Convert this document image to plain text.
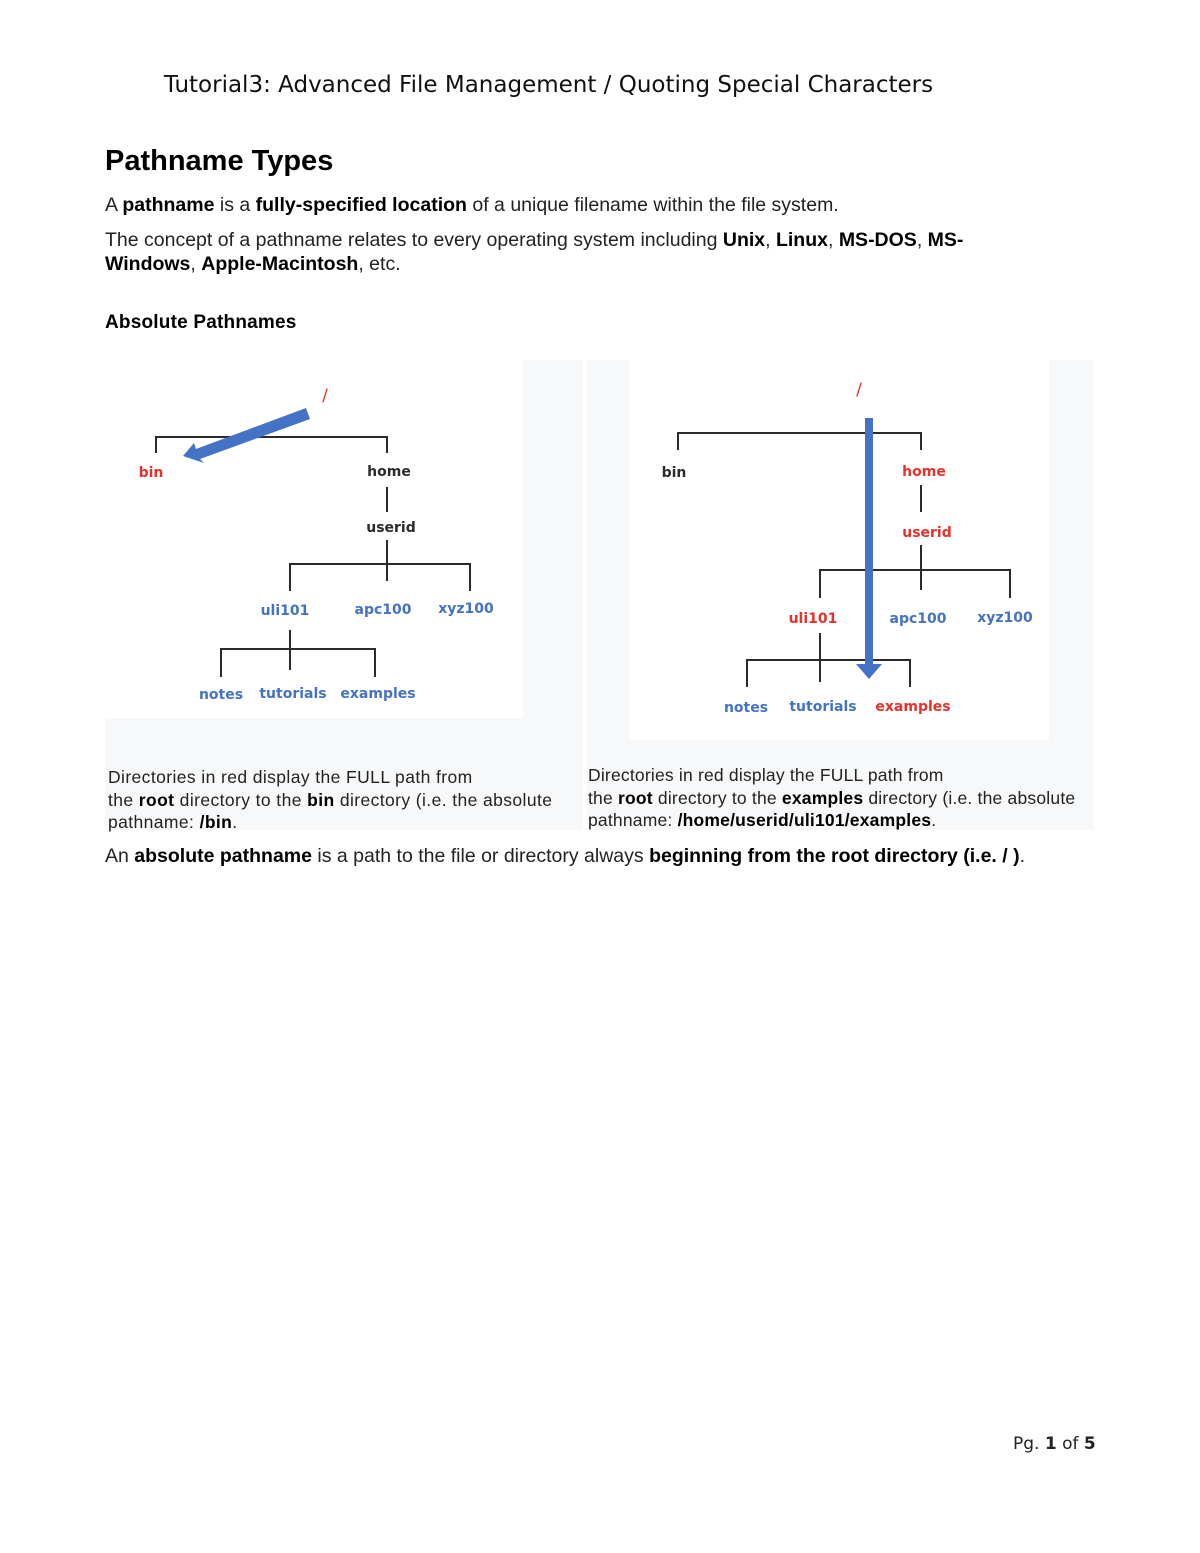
Tutorial3: Advanced File Management / Quoting Special Characters
Pathname Types
A pathname is a fully-specified location of a unique filename within the file system.
The concept of a pathname relates to every operating system including Unix, Linux, MS-DOS, MS-Windows, Apple-Macintosh, etc.
Absolute Pathnames
/
bin	home
userid
uli101	apc100 xyz100
notes tutorials examples
/
bin	home
userid
uli101	apc100 xyz100
notes tutorials examples
Directories in red display the FULL path from
the root directory to the bin directory (i.e. the absolute
pathname: /bin.
Directories in red display the FULL path from
the root directory to the examples directory (i.e. the absolute
pathname: /home/userid/uli101/examples.
An absolute pathname is a path to the file or directory always beginning from the root directory (i.e. / ).
Pg. 1 of 5
